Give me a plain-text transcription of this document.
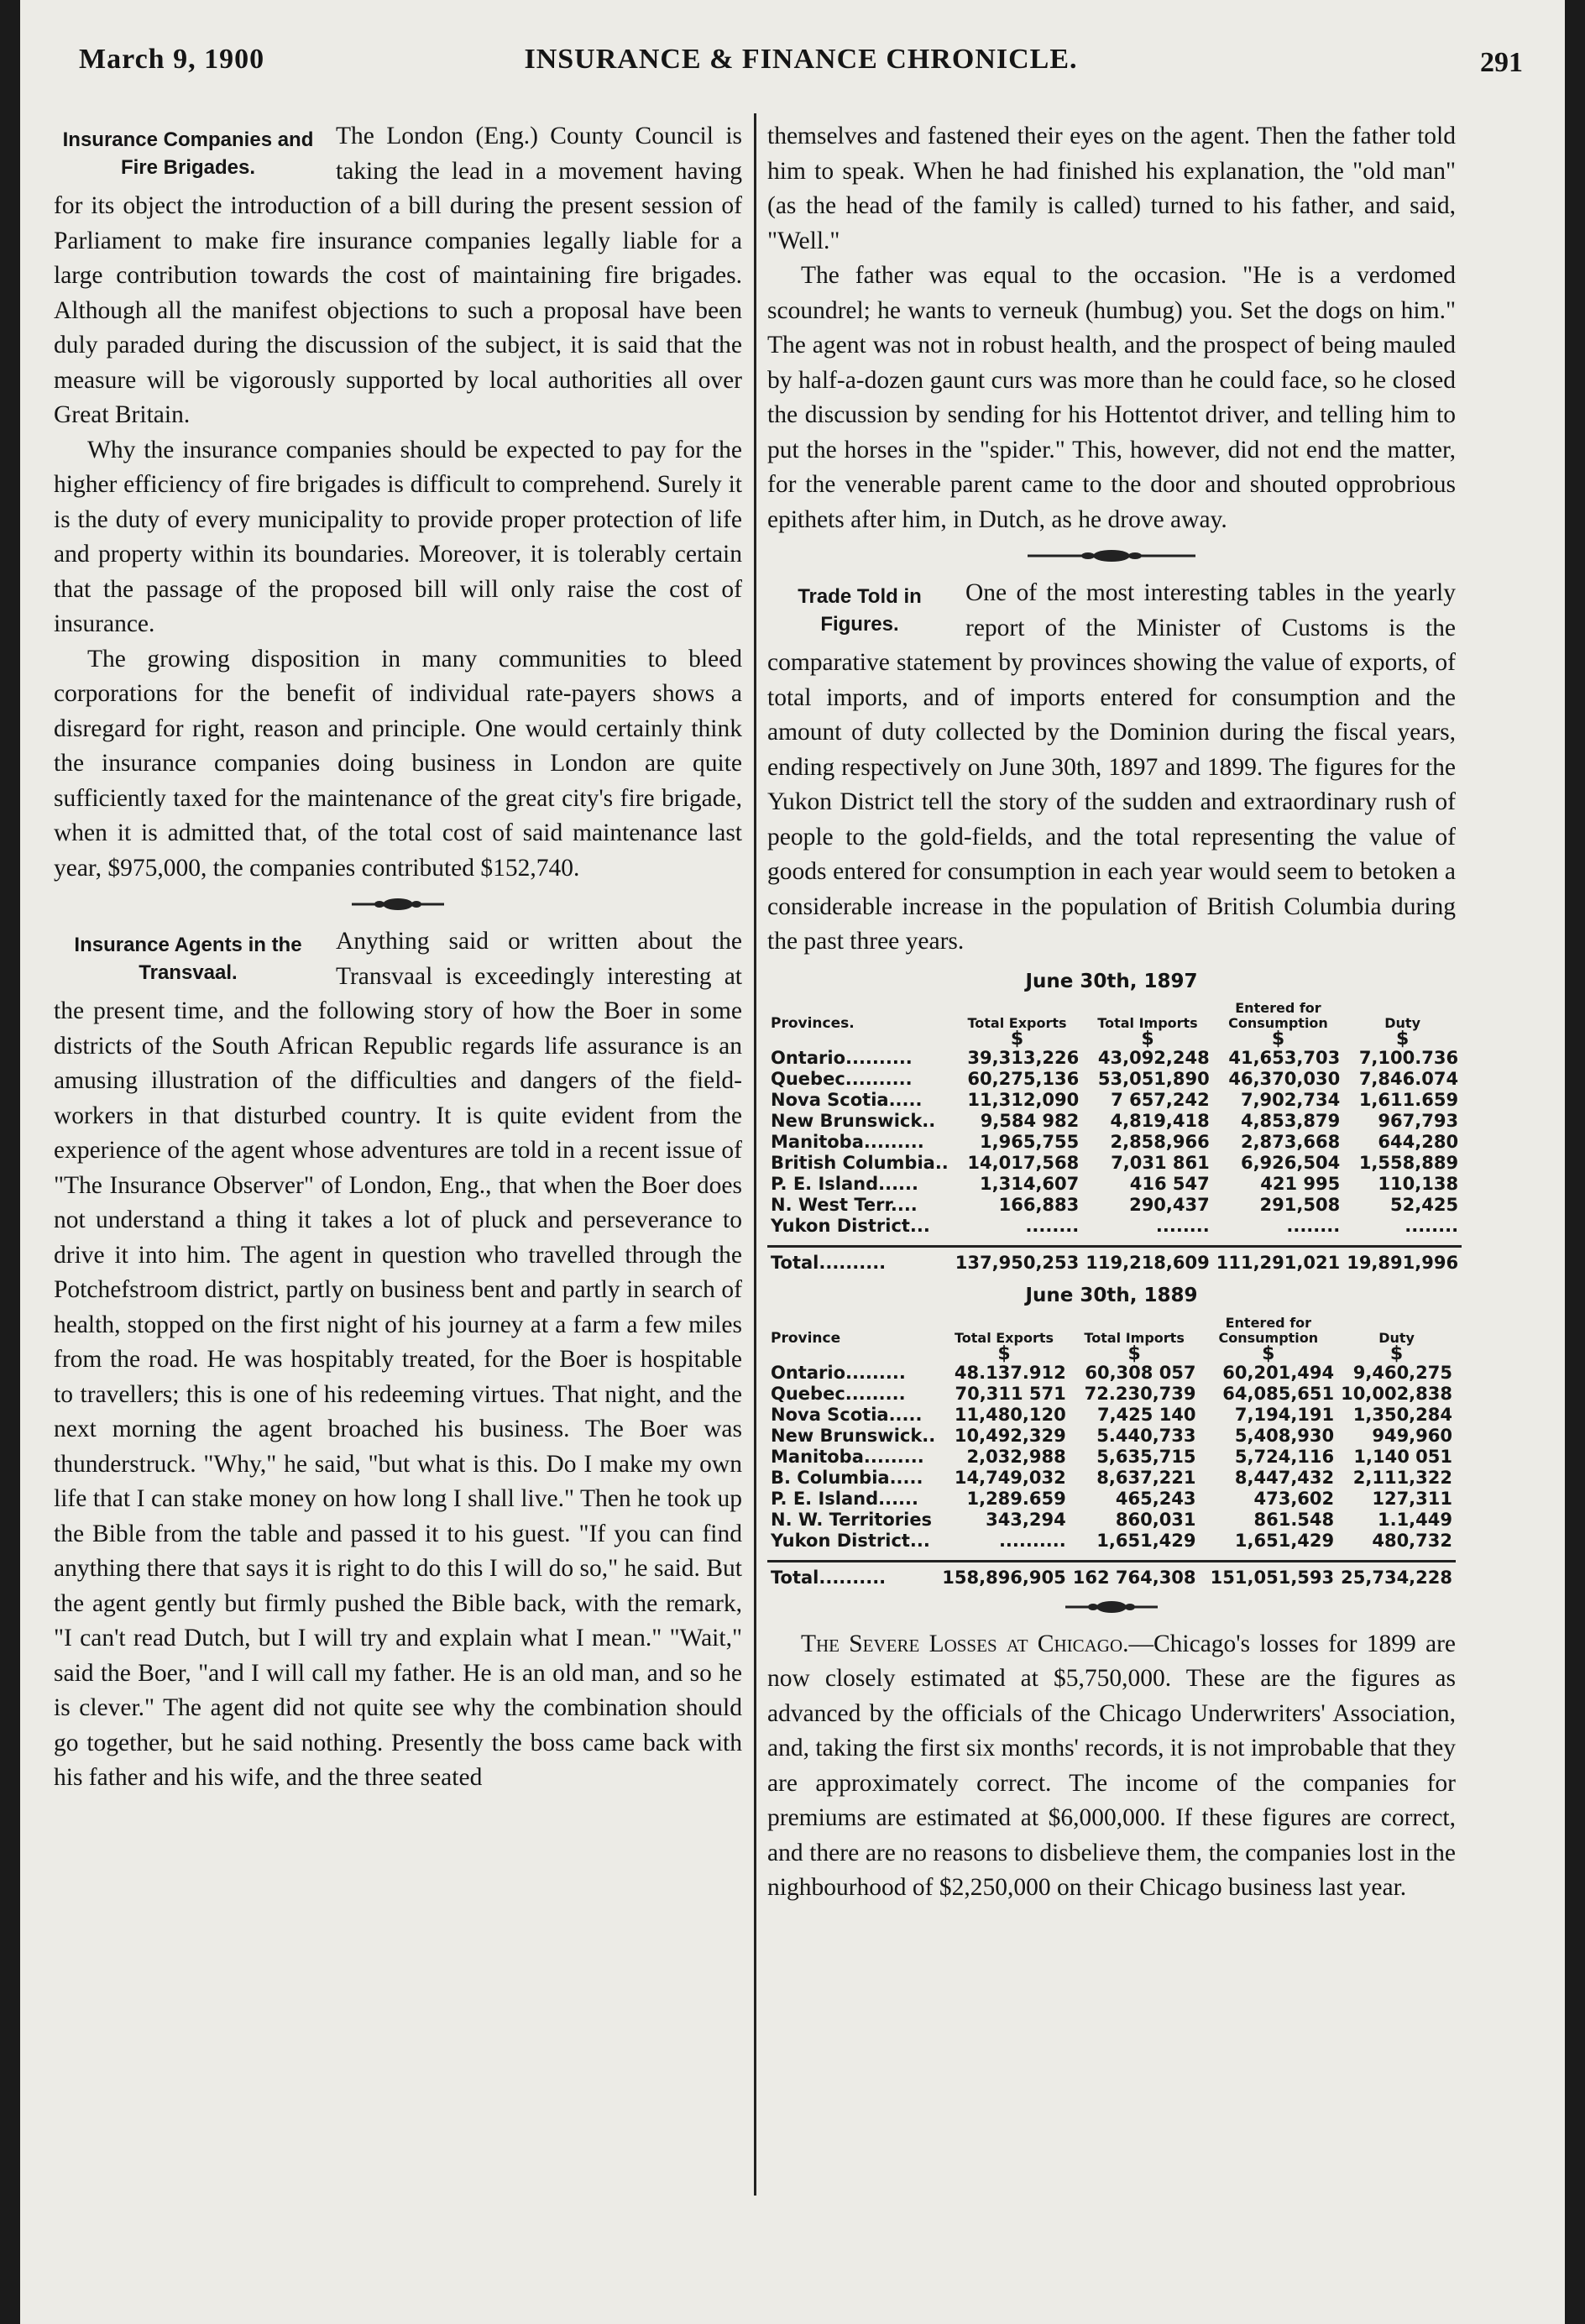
March 9, 1900	INSURANCE & FINANCE CHRONICLE.	291
Insurance Companies and Fire Brigades.

The London (Eng.) County Council is taking the lead in a movement having for its object the introduction of a bill during the present session of Parliament to make fire insurance companies legally liable for a large contribution towards the cost of maintaining fire brigades. Although all the manifest objections to such a proposal have been duly paraded during the discussion of the subject, it is said that the measure will be vigorously supported by local authorities all over Great Britain.

Why the insurance companies should be expected to pay for the higher efficiency of fire brigades is difficult to comprehend. Surely it is the duty of every municipality to provide proper protection of life and property within its boundaries. Moreover, it is tolerably certain that the passage of the proposed bill will only raise the cost of insurance.

The growing disposition in many communities to bleed corporations for the benefit of individual rate-payers shows a disregard for right, reason and principle. One would certainly think the insurance companies doing business in London are quite sufficiently taxed for the maintenance of the great city's fire brigade, when it is admitted that, of the total cost of said maintenance last year, $975,000, the companies contributed $152,740.

Insurance Agents in the Transvaal.

Anything said or written about the Transvaal is exceedingly interesting at the present time, and the following story of how the Boer in some districts of the South African Republic regards life assurance is an amusing illustration of the difficulties and dangers of the field-workers in that disturbed country. It is quite evident from the experience of the agent whose adventures are told in a recent issue of "The Insurance Observer" of London, Eng., that when the Boer does not understand a thing it takes a lot of pluck and perseverance to drive it into him. The agent in question who travelled through the Potchefstroom district, partly on business bent and partly in search of health, stopped on the first night of his journey at a farm a few miles from the road. He was hospitably treated, for the Boer is hospitable to travellers; this is one of his redeeming virtues. That night, and the next morning the agent broached his business. The Boer was thunderstruck. "Why," he said, "but what is this. Do I make my own life that I can stake money on how long I shall live." Then he took up the Bible from the table and passed it to his guest. "If you can find anything there that says it is right to do this I will do so," he said. But the agent gently but firmly pushed the Bible back, with the remark, "I can't read Dutch, but I will try and explain what I mean." "Wait," said the Boer, "and I will call my father. He is an old man, and so he is clever." The agent did not quite see why the combination should go together, but he said nothing. Presently the boss came back with his father and his wife, and the three seated

themselves and fastened their eyes on the agent. Then the father told him to speak. When he had finished his explanation, the "old man" (as the head of the family is called) turned to his father, and said, "Well."

The father was equal to the occasion. "He is a verdomed scoundrel; he wants to verneuk (humbug) you. Set the dogs on him." The agent was not in robust health, and the prospect of being mauled by half-a-dozen gaunt curs was more than he could face, so he closed the discussion by sending for his Hottentot driver, and telling him to put the horses in the "spider." This, however, did not end the matter, for the venerable parent came to the door and shouted opprobrious epithets after him, in Dutch, as he drove away.

Trade Told in Figures.

One of the most interesting tables in the yearly report of the Minister of Customs is the comparative statement by provinces showing the value of exports, of total imports, and of imports entered for consumption and the amount of duty collected by the Dominion during the fiscal years, ending respectively on June 30th, 1897 and 1899. The figures for the Yukon District tell the story of the sudden and extraordinary rush of people to the gold-fields, and the total representing the value of goods entered for consumption in each year would seem to betoken a considerable increase in the population of British Columbia during the past three years.

June 30th, 1897
Provinces.	Total Exports	Total Imports	Entered for Consumption	Duty
	$	$	$	$
Ontario..........	39,313,226	43,092,248	41,653,703	7,100.736
Quebec..........	60,275,136	53,051,890	46,370,030	7,846.074
Nova Scotia.....	11,312,090	7 657,242	7,902,734	1,611.659
New Brunswick..	9,584 982	4,819,418	4,853,879	967,793
Manitoba.........	1,965,755	2,858,966	2,873,668	644,280
British Columbia..	14,017,568	7,031 861	6,926,504	1,558,889
P. E. Island......	1,314,607	416 547	421 995	110,138
N. West Terr....	166,883	290,437	291,508	52,425
Yukon District...	........	........	........	........

Total..........	137,950,253	119,218,609	111,291,021	19,891,996
June 30th, 1889
Province	Total Exports	Total Imports	Entered for Consumption	Duty
	$	$	$	$
Ontario.........	48.137.912	60,308 057	60,201,494	9,460,275
Quebec.........	70,311 571	72.230,739	64,085,651	10,002,838
Nova Scotia.....	11,480,120	7,425 140	7,194,191	1,350,284
New Brunswick..	10,492,329	5.440,733	5,408,930	949,960
Manitoba.........	2,032,988	5,635,715	5,724,116	1,140 051
B. Columbia.....	14,749,032	8,637,221	8,447,432	2,111,322
P. E. Island......	1,289.659	465,243	473,602	127,311
N. W. Territories	343,294	860,031	861.548	1.1,449
Yukon District...	..........	1,651,429	1,651,429	480,732

Total..........	158,896,905	162 764,308	151,051,593	25,734,228

The Severe Losses at Chicago.—Chicago's losses for 1899 are now closely estimated at $5,750,000. These are the figures as advanced by the officials of the Chicago Underwriters' Association, and, taking the first six months' records, it is not improbable that they are approximately correct. The income of the companies for premiums are estimated at $6,000,000. If these figures are correct, and there are no reasons to disbelieve them, the companies lost in the nighbourhood of $2,250,000 on their Chicago business last year.
